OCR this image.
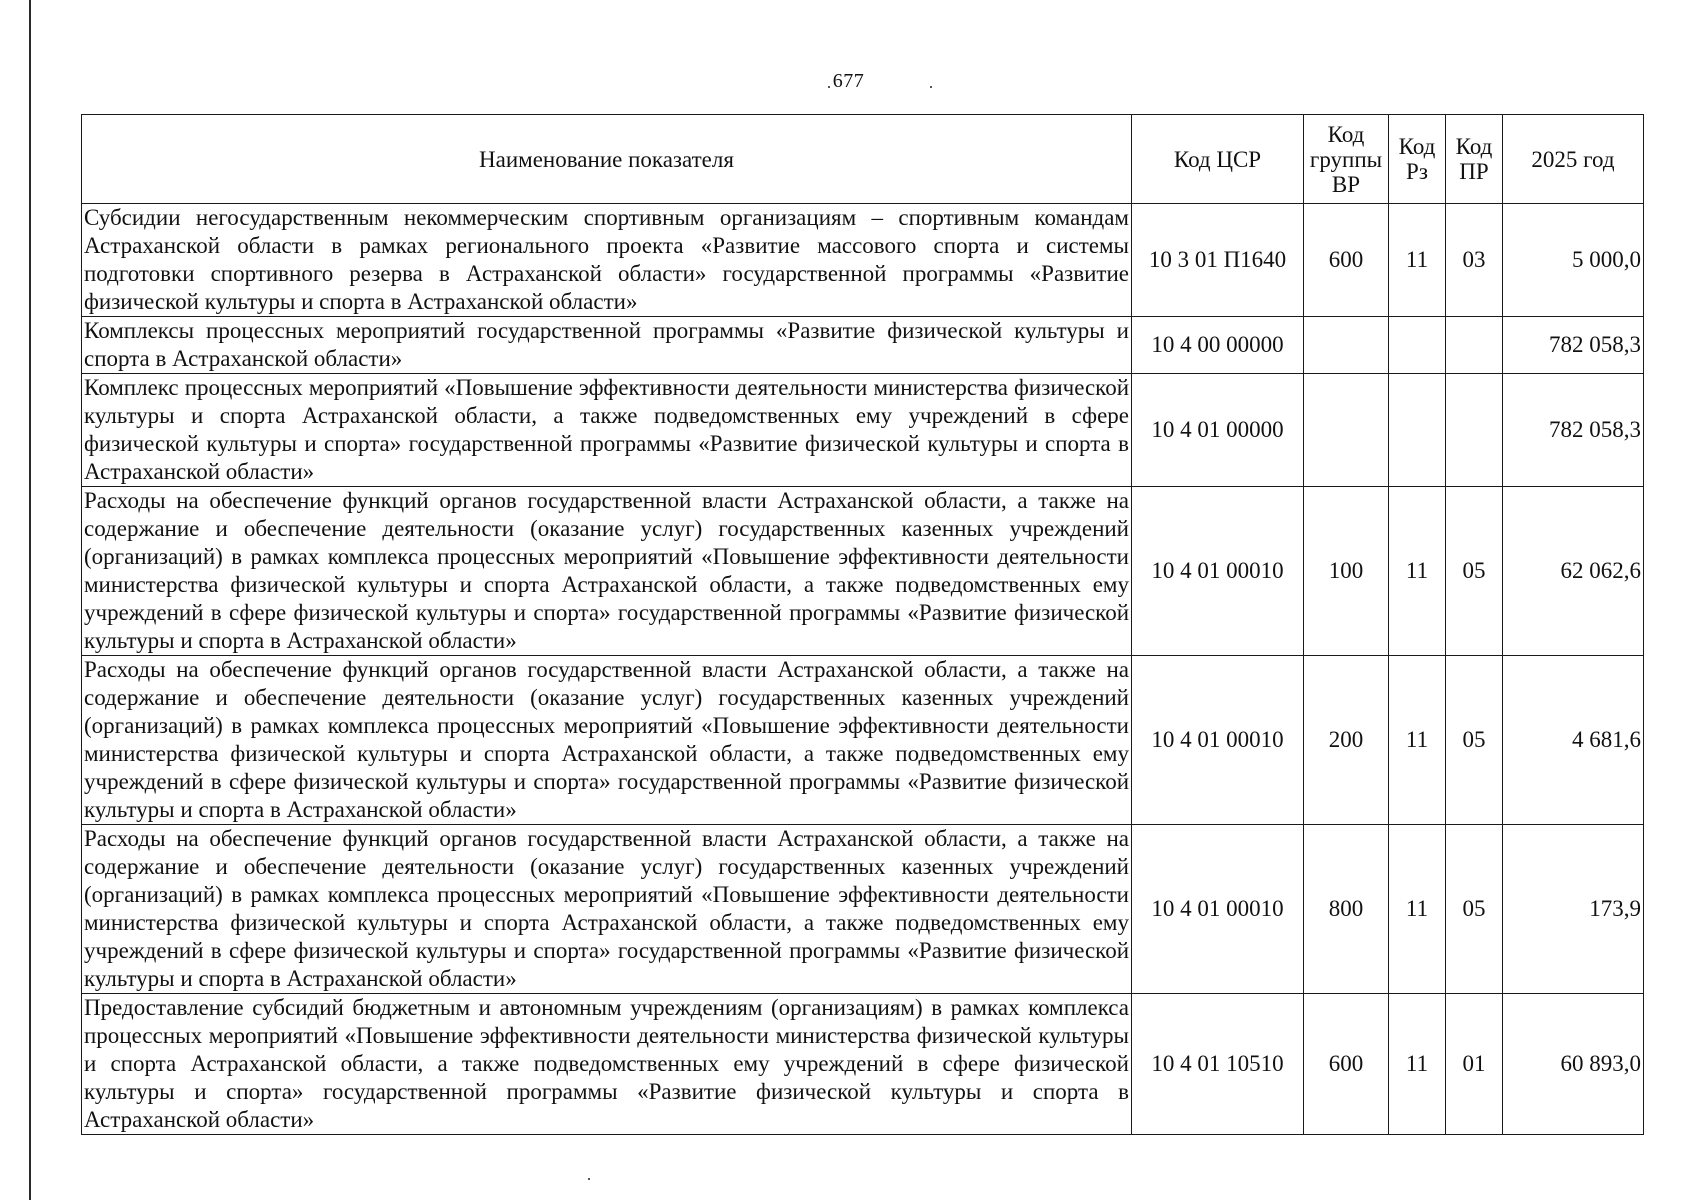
677
Наименование показателя	Код ЦСР	Код группы ВР	Код Рз	Код ПР	2025 год
Субсидии негосударственным некоммерческим спортивным организациям – спортивным командам Астраханской области в рамках регионального проекта «Развитие массового спорта и системы подготовки спортивного резерва в Астраханской области» государственной программы «Развитие физической культуры и спорта в Астраханской области»	10 3 01 П1640	600	11	03	5 000,0
Комплексы процессных мероприятий государственной программы «Развитие физической культуры и спорта в Астраханской области»	10 4 00 00000				782 058,3
Комплекс процессных мероприятий «Повышение эффективности деятельности министерства физической культуры и спорта Астраханской области, а также подведомственных ему учреждений в сфере физической культуры и спорта» государственной программы «Развитие физической культуры и спорта в Астраханской области»	10 4 01 00000				782 058,3
Расходы на обеспечение функций органов государственной власти Астраханской области, а также на содержание и обеспечение деятельности (оказание услуг) государственных казенных учреждений (организаций) в рамках комплекса процессных мероприятий «Повышение эффективности деятельности министерства физической культуры и спорта Астраханской области, а также подведомственных ему учреждений в сфере физической культуры и спорта» государственной программы «Развитие физической культуры и спорта в Астраханской области»	10 4 01 00010	100	11	05	62 062,6
Расходы на обеспечение функций органов государственной власти Астраханской области, а также на содержание и обеспечение деятельности (оказание услуг) государственных казенных учреждений (организаций) в рамках комплекса процессных мероприятий «Повышение эффективности деятельности министерства физической культуры и спорта Астраханской области, а также подведомственных ему учреждений в сфере физической культуры и спорта» государственной программы «Развитие физической культуры и спорта в Астраханской области»	10 4 01 00010	200	11	05	4 681,6
Расходы на обеспечение функций органов государственной власти Астраханской области, а также на содержание и обеспечение деятельности (оказание услуг) государственных казенных учреждений (организаций) в рамках комплекса процессных мероприятий «Повышение эффективности деятельности министерства физической культуры и спорта Астраханской области, а также подведомственных ему учреждений в сфере физической культуры и спорта» государственной программы «Развитие физической культуры и спорта в Астраханской области»	10 4 01 00010	800	11	05	173,9
Предоставление субсидий бюджетным и автономным учреждениям (организациям) в рамках комплекса процессных мероприятий «Повышение эффективности деятельности министерства физической культуры и спорта Астраханской области, а также подведомственных ему учреждений в сфере физической культуры и спорта» государственной программы «Развитие физической культуры и спорта в Астраханской области»	10 4 01 10510	600	11	01	60 893,0
